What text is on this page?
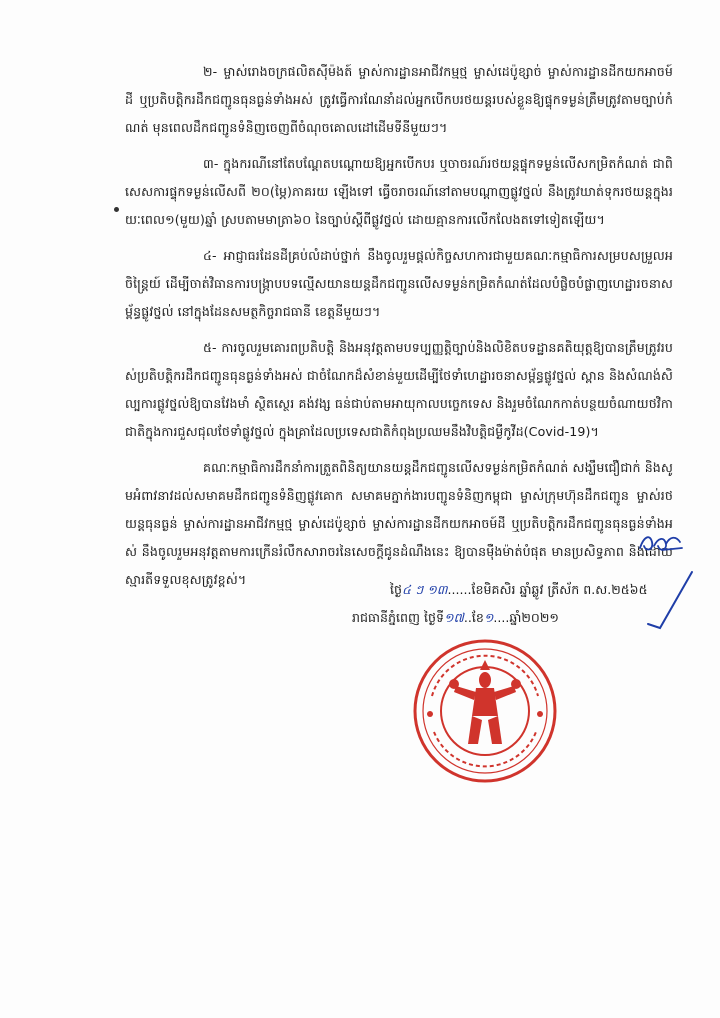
២- ម្ចាស់រោងចក្រផលិតស៊ីម៉ងត៍ ម្ចាស់ការដ្ឋានអាជីវកម្មថ្ម ម្ចាស់ដេប៉ូខ្សាច់ ម្ចាស់ការដ្ឋានដីកយកអាចម៍ដី ឬប្រតិបត្តិករដឹកជញ្ជូនធុនធ្ងន់ទាំងអស់ ត្រូវធ្វើការណែនាំដល់អ្នកបើកបរថយន្តរបស់ខ្លួនឱ្យផ្ទុកទម្ងន់ត្រឹមត្រូវតាមច្បាប់កំណត់ មុនពេលដឹកជញ្ជូនទំនិញចេញពីចំណុចគោលដៅដើមទីនីមួយៗ។

៣- ក្នុងករណីនៅតែបណ្តែតបណ្តោយឱ្យអ្នកបើកបរ ឬចាចរណ៍រថយន្តផ្ទុកទម្ងន់លើសកម្រិតកំណត់ ជាពិសេសការផ្ទុកទម្ងន់លើសពី ២០(ម្ភៃ)ភាគរយ ឡើងទៅ ធ្វើចរាចរណ៍នៅតាមបណ្តាញផ្លូវថ្នល់ នឹងត្រូវឃាត់ទុករថយន្តក្នុងរយៈពេល១(មួយ)ឆ្នាំ ស្របតាមមាត្រា៦០ នៃច្បាប់ស្តីពីផ្លូវថ្នល់ ដោយគ្មានការលើកលែងតទៅទៀតឡើយ។

៤- អាជ្ញាធរដែនដីគ្រប់លំដាប់ថ្នាក់ នឹងចូលរួមផ្តល់កិច្ចសហការជាមួយគណៈកម្មាធិការសម្របសម្រួលអចិន្ត្រៃយ៍ ដើម្បីចាត់វិធានការបង្ក្រាបបទល្មើសយានយន្តដឹកជញ្ជូនលើសទម្ងន់កម្រិតកំណត់ដែលបំផ្លិចបំផ្លាញហេដ្ឋារចនាសម្ព័ន្ធផ្លូវថ្នល់ នៅក្នុងដែនសមត្ថកិច្ចរាជធានី ខេត្តនីមួយៗ។

៥- ការចូលរួមគោរពប្រតិបត្តិ និងអនុវត្តតាមបទប្បញ្ញត្តិច្បាប់និងលិខិតបទដ្ឋានគតិយុត្តឱ្យបានត្រឹមត្រូវរបស់ប្រតិបត្តិករដឹកជញ្ជូនធុនធ្ងន់ទាំងអស់ ជាចំណែកដ៏សំខាន់មួយដើម្បីថែទាំហេដ្ឋារចនាសម្ព័ន្ធផ្លូវថ្នល់ ស្ពាន និងសំណង់សិល្បការផ្លូវថ្នល់ឱ្យបានវែងមាំ ស្ថិតស្ថេរ គង់វង្ស ធន់ជាប់តាមអាយុកាលបច្ចេកទេស និងរួមចំណែកកាត់បន្ថយចំណាយថវិកាជាតិក្នុងការជួសជុលថែទាំផ្លូវថ្នល់ ក្នុងគ្រាដែលប្រទេសជាតិកំពុងប្រឈមនឹងវិបត្តិជម្ងឺកូវីដ(Covid-19)។

គណៈកម្មាធិការដឹកនាំការត្រួតពិនិត្យយានយន្តដឹកជញ្ជូនលើសទម្ងន់កម្រិតកំណត់ សង្ឃឹមជឿជាក់ និងសូមអំពាវនាវដល់សមាគមដឹកជញ្ជូនទំនិញផ្លូវគោក សមាគមភ្នាក់ងារបញ្ជូនទំនិញកម្ពុជា ម្ចាស់ក្រុមហ៊ុនដឹកជញ្ជូន ម្ចាស់រថយន្តធុនធ្ងន់ ម្ចាស់ការដ្ឋានអាជីវកម្មថ្ម ម្ចាស់ដេប៉ូខ្សាច់ ម្ចាស់ការដ្ឋានដីកយកអាចម៍ដី ឬប្រតិបត្តិករដឹកជញ្ជូនធុនធ្ងន់ទាំងអស់ នឹងចូលរួមអនុវត្តតាមការក្រើនរំលឹកសារាចរនៃសេចក្តីជូនដំណឹងនេះ ឱ្យបានម៉ឺងម៉ាត់បំផុត មានប្រសិទ្ធភាព និងដោយស្មារតីទទួលខុសត្រូវខ្ពស់។

ថ្ងៃ៤ ៗ ១៣......ខែមិគសិរ ឆ្នាំឆ្លូវ ត្រីស័ក ព.ស.២៥៦៥
រាជធានីភ្នំពេញ ថ្ងៃទី១៧..ខែ១....ឆ្នាំ២០២១
